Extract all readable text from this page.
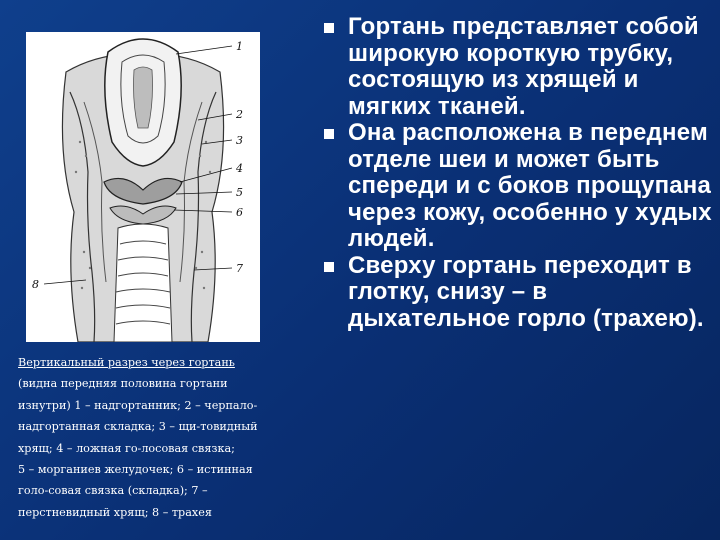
1
2
3
4
5
6
7
8
Вертикальный разрез через гортань
(видна передняя половина гортани
изнутри) 1 – надгортанник; 2 – черпало-
надгортанная складка; 3 – щи-товидный
хрящ; 4 – ложная го-лосовая связка;
5 – морганиев желудочек; 6 – истинная
голо-совая связка (складка); 7 –
перстневидный хрящ; 8 – трахея
Гортань представляет собой широкую короткую трубку, состоящую из хрящей и мягких тканей.
Она расположена в переднем отделе шеи и может быть спереди и с боков прощупана через кожу, особенно у худых людей.
Сверху гортань переходит в глотку, снизу – в дыхательное горло (трахею).
